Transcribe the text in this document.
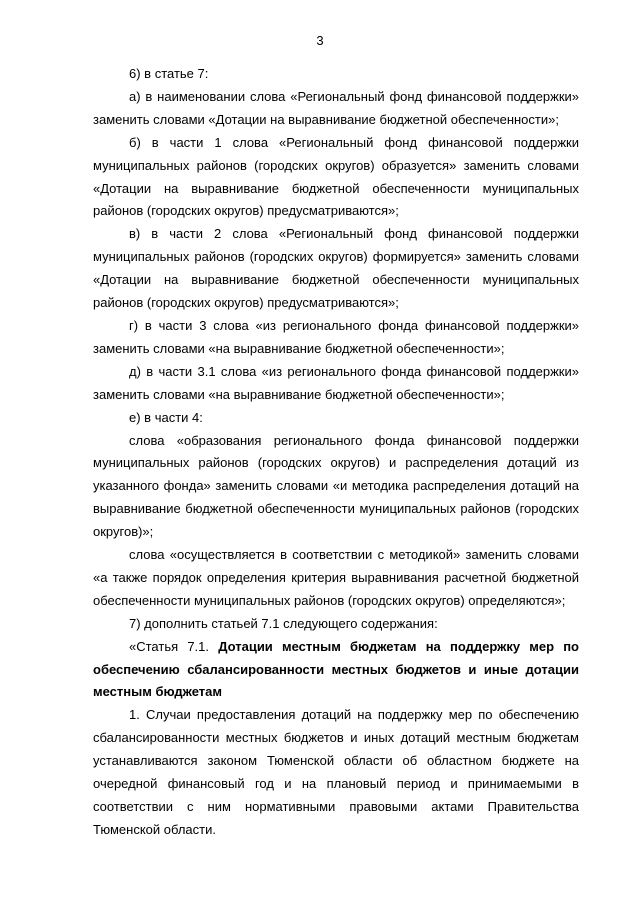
3

6) в статье 7:

а) в наименовании слова «Региональный фонд финансовой поддержки» заменить словами «Дотации на выравнивание бюджетной обеспеченности»;

б) в части 1 слова «Региональный фонд финансовой поддержки муниципальных районов (городских округов) образуется» заменить словами «Дотации на выравнивание бюджетной обеспеченности муниципальных районов (городских округов) предусматриваются»;

в) в части 2 слова «Региональный фонд финансовой поддержки муниципальных районов (городских округов) формируется» заменить словами «Дотации на выравнивание бюджетной обеспеченности муниципальных районов (городских округов) предусматриваются»;

г) в части 3 слова «из регионального фонда финансовой поддержки» заменить словами «на выравнивание бюджетной обеспеченности»;

д) в части 3.1 слова «из регионального фонда финансовой поддержки» заменить словами «на выравнивание бюджетной обеспеченности»;

е) в части 4:

слова «образования регионального фонда финансовой поддержки муниципальных районов (городских округов) и распределения дотаций из указанного фонда» заменить словами «и методика распределения дотаций на выравнивание бюджетной обеспеченности муниципальных районов (городских округов)»;

слова «осуществляется в соответствии с методикой» заменить словами «а также порядок определения критерия выравнивания расчетной бюджетной обеспеченности муниципальных районов (городских округов) определяются»;

7) дополнить статьей 7.1 следующего содержания:

«Статья 7.1. Дотации местным бюджетам на поддержку мер по обеспечению сбалансированности местных бюджетов и иные дотации местным бюджетам

1. Случаи предоставления дотаций на поддержку мер по обеспечению сбалансированности местных бюджетов и иных дотаций местным бюджетам устанавливаются законом Тюменской области об областном бюджете на очередной финансовый год и на плановый период и принимаемыми в соответствии с ним нормативными правовыми актами Правительства Тюменской области.
